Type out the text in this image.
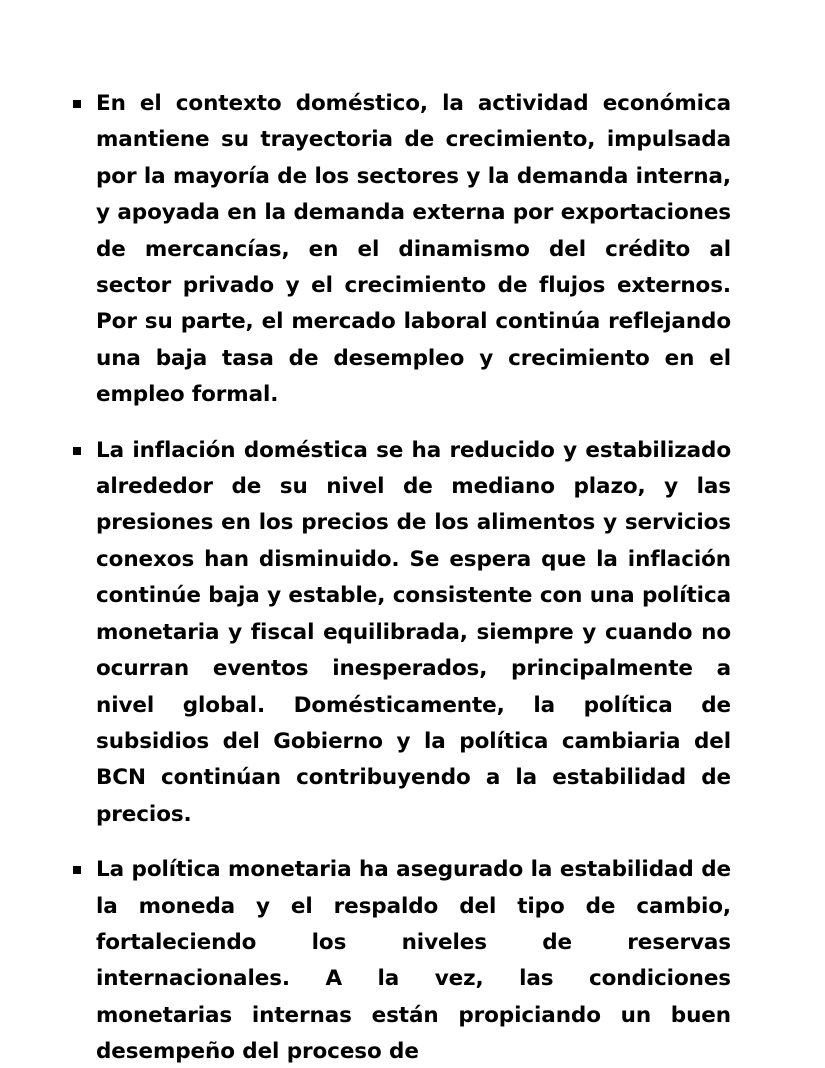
En el contexto doméstico, la actividad económica mantiene su trayectoria de crecimiento, impulsada por la mayoría de los sectores y la demanda interna, y apoyada en la demanda externa por exportaciones de mercancías, en el dinamismo del crédito al sector privado y el crecimiento de flujos externos. Por su parte, el mercado laboral continúa reflejando una baja tasa de desempleo y crecimiento en el empleo formal.
La inflación doméstica se ha reducido y estabilizado alrededor de su nivel de mediano plazo, y las presiones en los precios de los alimentos y servicios conexos han disminuido. Se espera que la inflación continúe baja y estable, consistente con una política monetaria y fiscal equilibrada, siempre y cuando no ocurran eventos inesperados, principalmente a nivel global. Domésticamente, la política de subsidios del Gobierno y la política cambiaria del BCN continúan contribuyendo a la estabilidad de precios.
La política monetaria ha asegurado la estabilidad de la moneda y el respaldo del tipo de cambio, fortaleciendo los niveles de reservas internacionales. A la vez, las condiciones monetarias internas están propiciando un buen desempeño del proceso de
